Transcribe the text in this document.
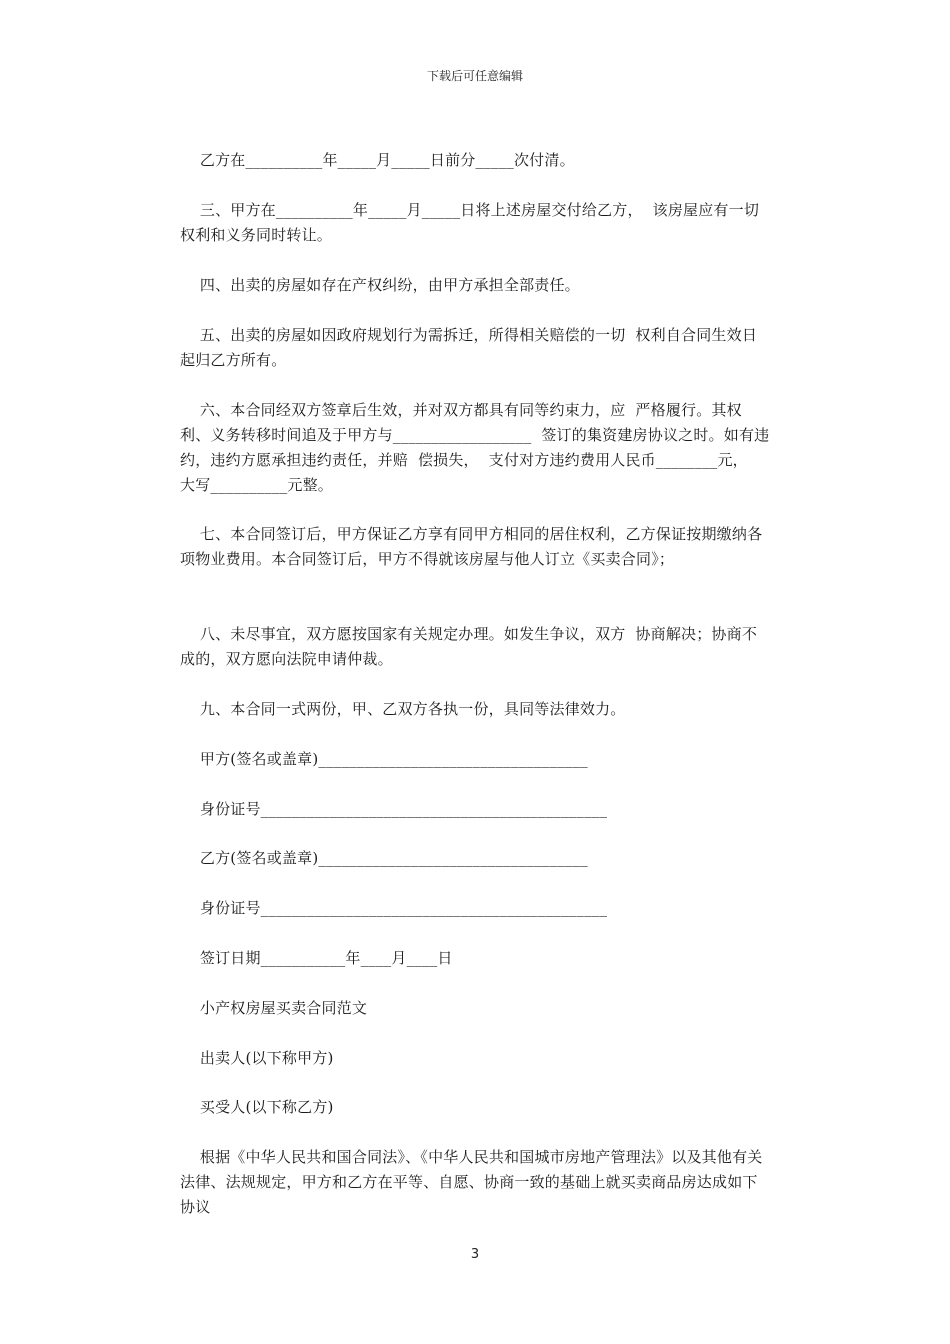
下载后可任意编辑

乙方在__________年_____月_____日前分_____次付清。

三、甲方在__________年_____月_____日将上述房屋交付给乙方，  该房屋应有一切权利和义务同时转让。

四、出卖的房屋如存在产权纠纷，由甲方承担全部责任。

五、出卖的房屋如因政府规划行为需拆迁，所得相关赔偿的一切  权利自合同生效日起归乙方所有。

六、本合同经双方签章后生效，并对双方都具有同等约束力，应  严格履行。其权利、义务转移时间追及于甲方与__________________  签订的集资建房协议之时。如有违约，违约方愿承担违约责任，并赔  偿损失，  支付对方违约费用人民币________元，  大写__________元整。

七、本合同签订后，甲方保证乙方享有同甲方相同的居住权利，乙方保证按期缴纳各项物业费用。本合同签订后，甲方不得就该房屋与他人订立《买卖合同》；

八、未尽事宜，双方愿按国家有关规定办理。如发生争议，双方  协商解决；协商不成的，双方愿向法院申请仲裁。

九、本合同一式两份，甲、乙双方各执一份，具同等法律效力。

甲方(签名或盖章)___________________________________

身份证号_____________________________________________

乙方(签名或盖章)___________________________________

身份证号_____________________________________________

签订日期___________年____月____日

小产权房屋买卖合同范文

出卖人(以下称甲方)

买受人(以下称乙方)

根据《中华人民共和国合同法》、《中华人民共和国城市房地产管理法》以及其他有关法律、法规规定，甲方和乙方在平等、自愿、协商一致的基础上就买卖商品房达成如下协议

3
